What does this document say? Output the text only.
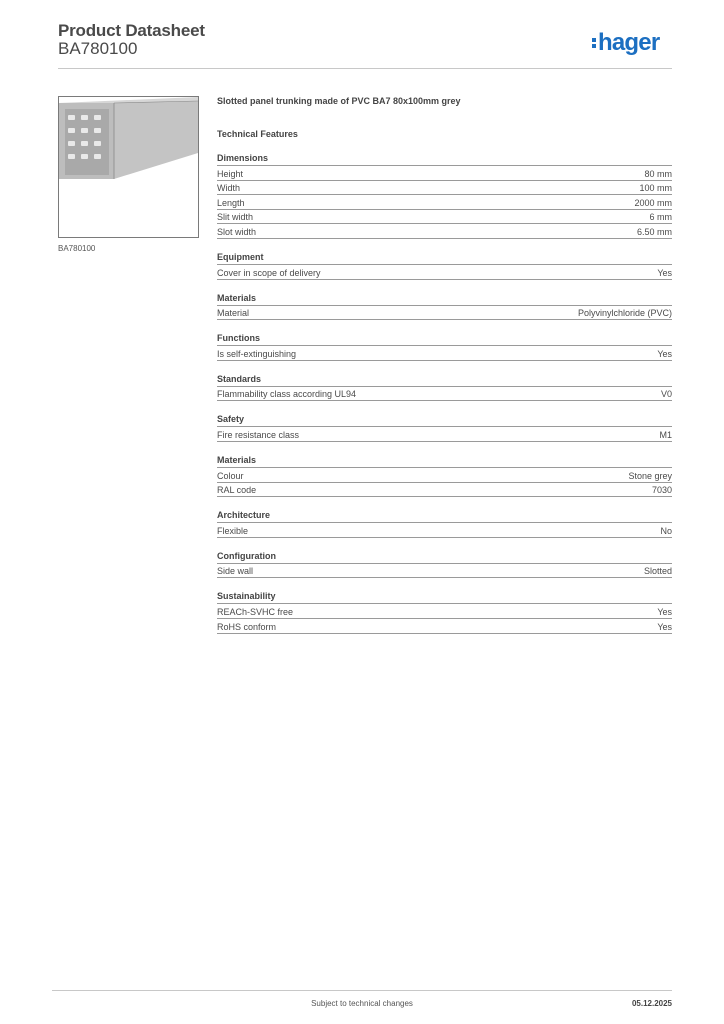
Product Datasheet
BA780100	hager
BA780100
Slotted panel trunking made of PVC BA7 80x100mm grey
Technical Features
Dimensions
Height	80 mm
Width	100 mm
Length	2000 mm
Slit width	6 mm
Slot width	6.50 mm
Equipment
Cover in scope of delivery	Yes
Materials
Material	Polyvinylchloride (PVC)
Functions
Is self-extinguishing	Yes
Standards
Flammability class according UL94	V0
Safety
Fire resistance class	M1
Materials
Colour	Stone grey
RAL code	7030
Architecture
Flexible	No
Configuration
Side wall	Slotted
Sustainability
REACh-SVHC free	Yes
RoHS conform	Yes
Subject to technical changes	05.12.2025
